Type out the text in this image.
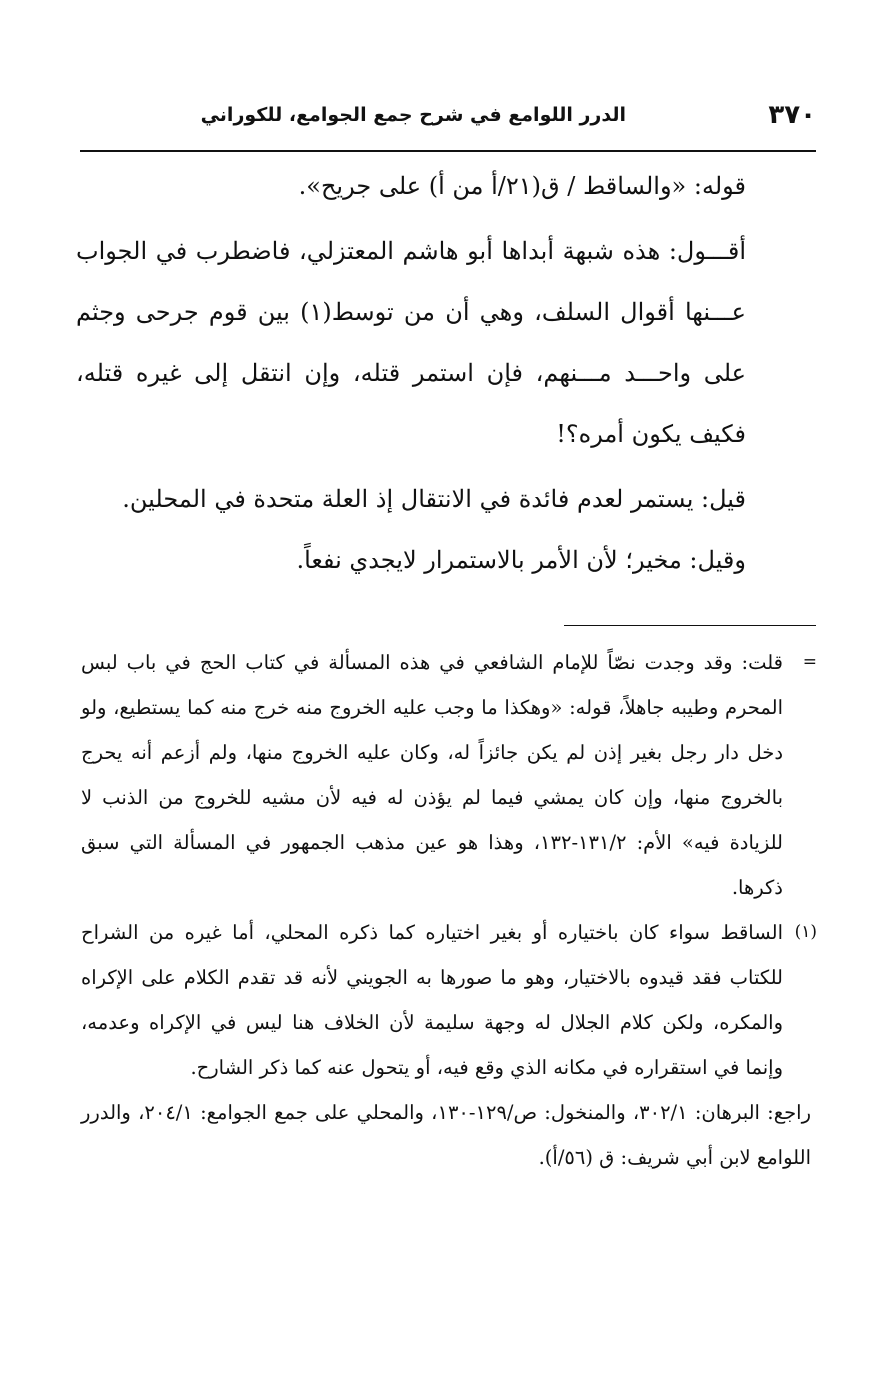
٣٧٠
الدرر اللوامع في شرح جمع الجوامع، للكوراني

قوله: «والساقط / ق(٢١/أ من أ) على جريح».

أقـــول: هذه شبهة أبداها أبو هاشم المعتزلي، فاضطرب في الجواب عـــنها أقوال السلف، وهي أن من توسط(١) بين قوم جرحى وجثم على واحـــد مـــنهم، فإن استمر قتله، وإن انتقل إلى غيره قتله، فكيف يكون أمره؟!

قيل: يستمر لعدم فائدة في الانتقال إذ العلة متحدة في المحلين.

وقيل: مخير؛ لأن الأمر بالاستمرار لايجدي نفعاً.

=

قلت: وقد وجدت نصّاً للإمام الشافعي في هذه المسألة في كتاب الحج في باب لبس المحرم وطيبه جاهلاً، قوله: «وهكذا ما وجب عليه الخروج منه خرج منه كما يستطيع، ولو دخل دار رجل بغير إذن لم يكن جائزاً له، وكان عليه الخروج منها، ولم أزعم أنه يحرج بالخروج منها، وإن كان يمشي فيما لم يؤذن له فيه لأن مشيه للخروج من الذنب لا للزيادة فيه» الأم: ١٣١/٢-١٣٢، وهذا هو عين مذهب الجمهور في المسألة التي سبق ذكرها.

(١)

الساقط سواء كان باختياره أو بغير اختياره كما ذكره المحلي، أما غيره من الشراح للكتاب فقد قيدوه بالاختيار، وهو ما صورها به الجويني لأنه قد تقدم الكلام على الإكراه والمكره، ولكن كلام الجلال له وجهة سليمة لأن الخلاف هنا ليس في الإكراه وعدمه، وإنما في استقراره في مكانه الذي وقع فيه، أو يتحول عنه كما ذكر الشارح.

راجع: البرهان: ٣٠٢/١، والمنخول: ص/١٢٩-١٣٠، والمحلي على جمع الجوامع: ٢٠٤/١، والدرر اللوامع لابن أبي شريف: ق (٥٦/أ).
